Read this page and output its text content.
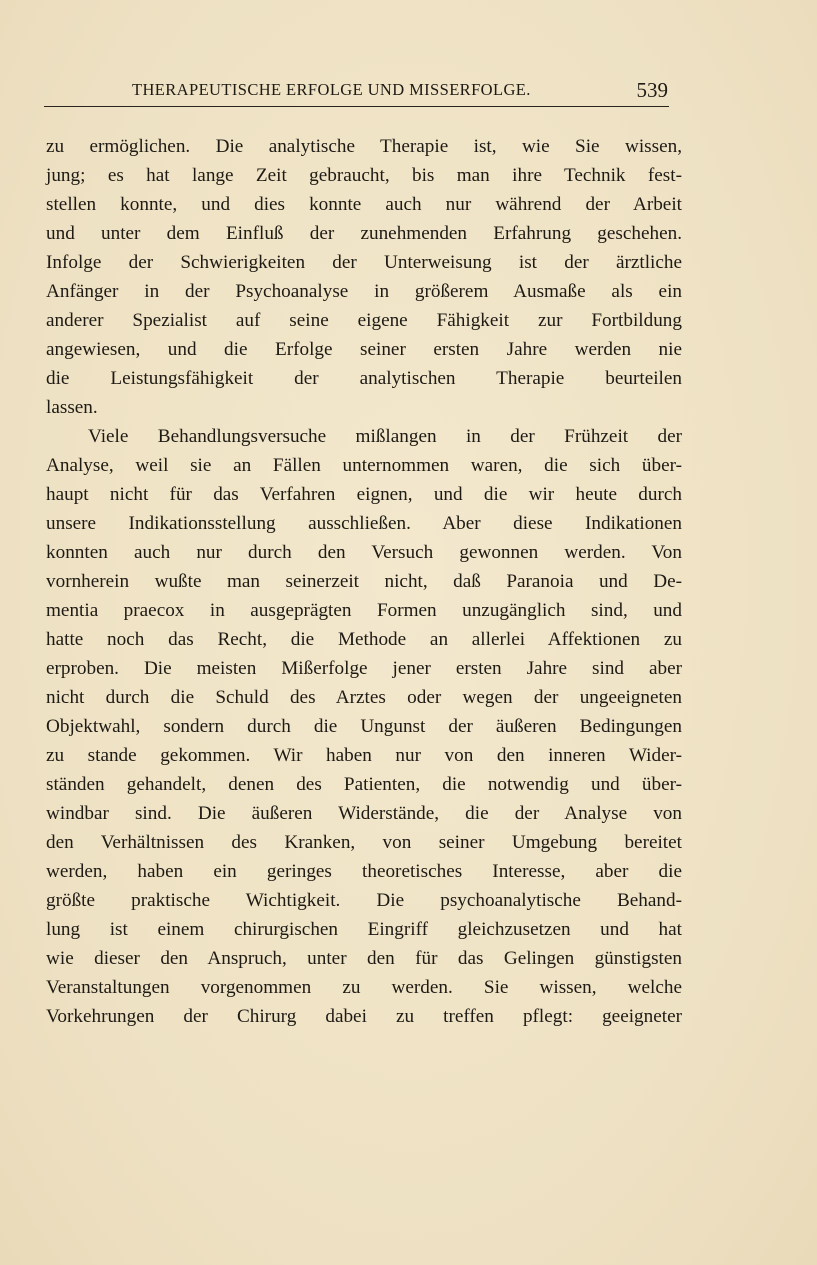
THERAPEUTISCHE ERFOLGE UND MISSERFOLGE.	539
zu ermöglichen. Die analytische Therapie ist, wie Sie wissen,
jung; es hat lange Zeit gebraucht, bis man ihre Technik fest-
stellen konnte, und dies konnte auch nur während der Arbeit
und unter dem Einfluß der zunehmenden Erfahrung geschehen.
Infolge der Schwierigkeiten der Unterweisung ist der ärztliche
Anfänger in der Psychoanalyse in größerem Ausmaße als ein
anderer Spezialist auf seine eigene Fähigkeit zur Fortbildung
angewiesen, und die Erfolge seiner ersten Jahre werden nie
die Leistungsfähigkeit der analytischen Therapie beurteilen
lassen.
Viele Behandlungsversuche mißlangen in der Frühzeit der
Analyse, weil sie an Fällen unternommen waren, die sich über-
haupt nicht für das Verfahren eignen, und die wir heute durch
unsere Indikationsstellung ausschließen. Aber diese Indikationen
konnten auch nur durch den Versuch gewonnen werden. Von
vornherein wußte man seinerzeit nicht, daß Paranoia und De-
mentia praecox in ausgeprägten Formen unzugänglich sind, und
hatte noch das Recht, die Methode an allerlei Affektionen zu
erproben. Die meisten Mißerfolge jener ersten Jahre sind aber
nicht durch die Schuld des Arztes oder wegen der ungeeigneten
Objektwahl, sondern durch die Ungunst der äußeren Bedingungen
zu stande gekommen. Wir haben nur von den inneren Wider-
ständen gehandelt, denen des Patienten, die notwendig und über-
windbar sind. Die äußeren Widerstände, die der Analyse von
den Verhältnissen des Kranken, von seiner Umgebung bereitet
werden, haben ein geringes theoretisches Interesse, aber die
größte praktische Wichtigkeit. Die psychoanalytische Behand-
lung ist einem chirurgischen Eingriff gleichzusetzen und hat
wie dieser den Anspruch, unter den für das Gelingen günstigsten
Veranstaltungen vorgenommen zu werden. Sie wissen, welche
Vorkehrungen der Chirurg dabei zu treffen pflegt: geeigneter
